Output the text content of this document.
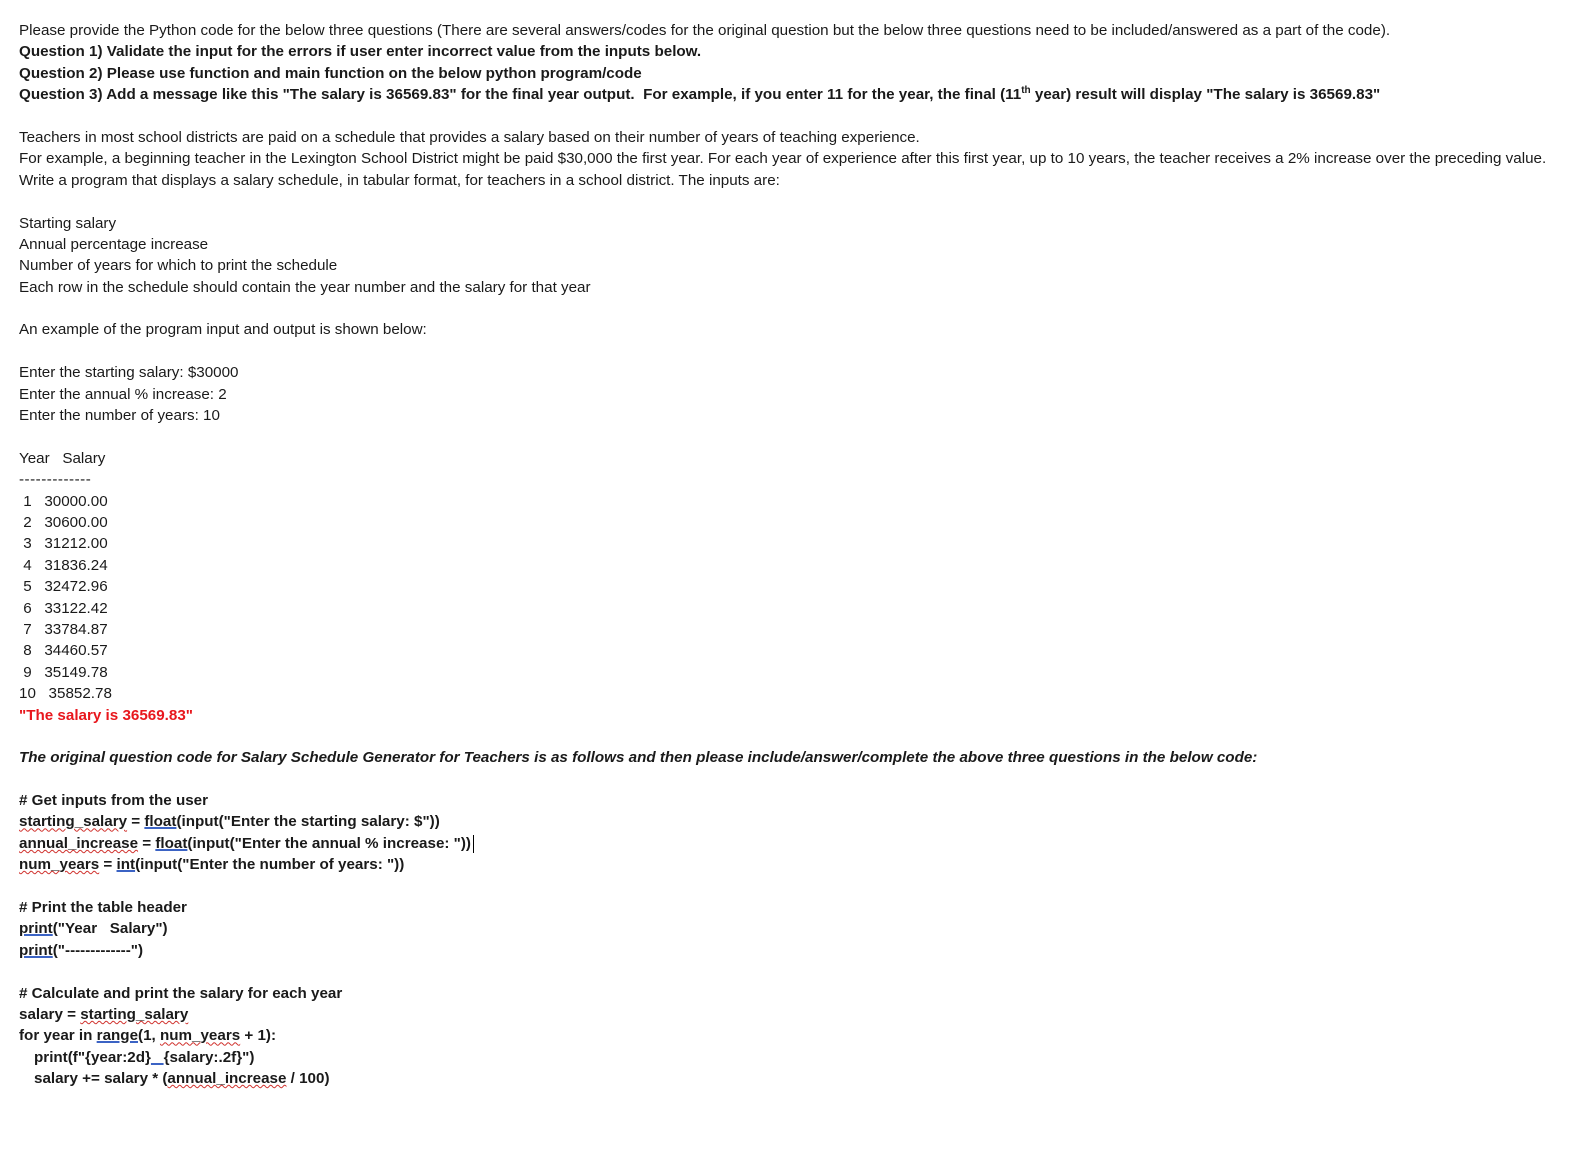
Please provide the Python code for the below three questions (There are several answers/codes for the original question but the below three questions need to be included/answered as a part of the code).
Question 1) Validate the input for the errors if user enter incorrect value from the inputs below.
Question 2) Please use function and main function on the below python program/code
Question 3) Add a message like this "The salary is 36569.83" for the final year output.  For example, if you enter 11 for the year, the final (11th year) result will display "The salary is 36569.83"
Teachers in most school districts are paid on a schedule that provides a salary based on their number of years of teaching experience.
For example, a beginning teacher in the Lexington School District might be paid $30,000 the first year. For each year of experience after this first year, up to 10 years, the teacher receives a 2% increase over the preceding value.
Write a program that displays a salary schedule, in tabular format, for teachers in a school district. The inputs are:
Starting salary
Annual percentage increase
Number of years for which to print the schedule
Each row in the schedule should contain the year number and the salary for that year
An example of the program input and output is shown below:
Enter the starting salary: $30000
Enter the annual % increase: 2
Enter the number of years: 10
Year   Salary
-------------
1   30000.00
2   30600.00
3   31212.00
4   31836.24
5   32472.96
6   33122.42
7   33784.87
8   34460.57
9   35149.78
10   35852.78
"The salary is 36569.83"
The original question code for Salary Schedule Generator for Teachers is as follows and then please include/answer/complete the above three questions in the below code:
# Get inputs from the user
starting_salary = float(input("Enter the starting salary: $"))
annual_increase = float(input("Enter the annual % increase: "))
num_years = int(input("Enter the number of years: "))
# Print the table header
print("Year   Salary")
print("-------------")
# Calculate and print the salary for each year
salary = starting_salary
for year in range(1, num_years + 1):
print(f"{year:2d} {salary:.2f}")
salary += salary * (annual_increase / 100)
